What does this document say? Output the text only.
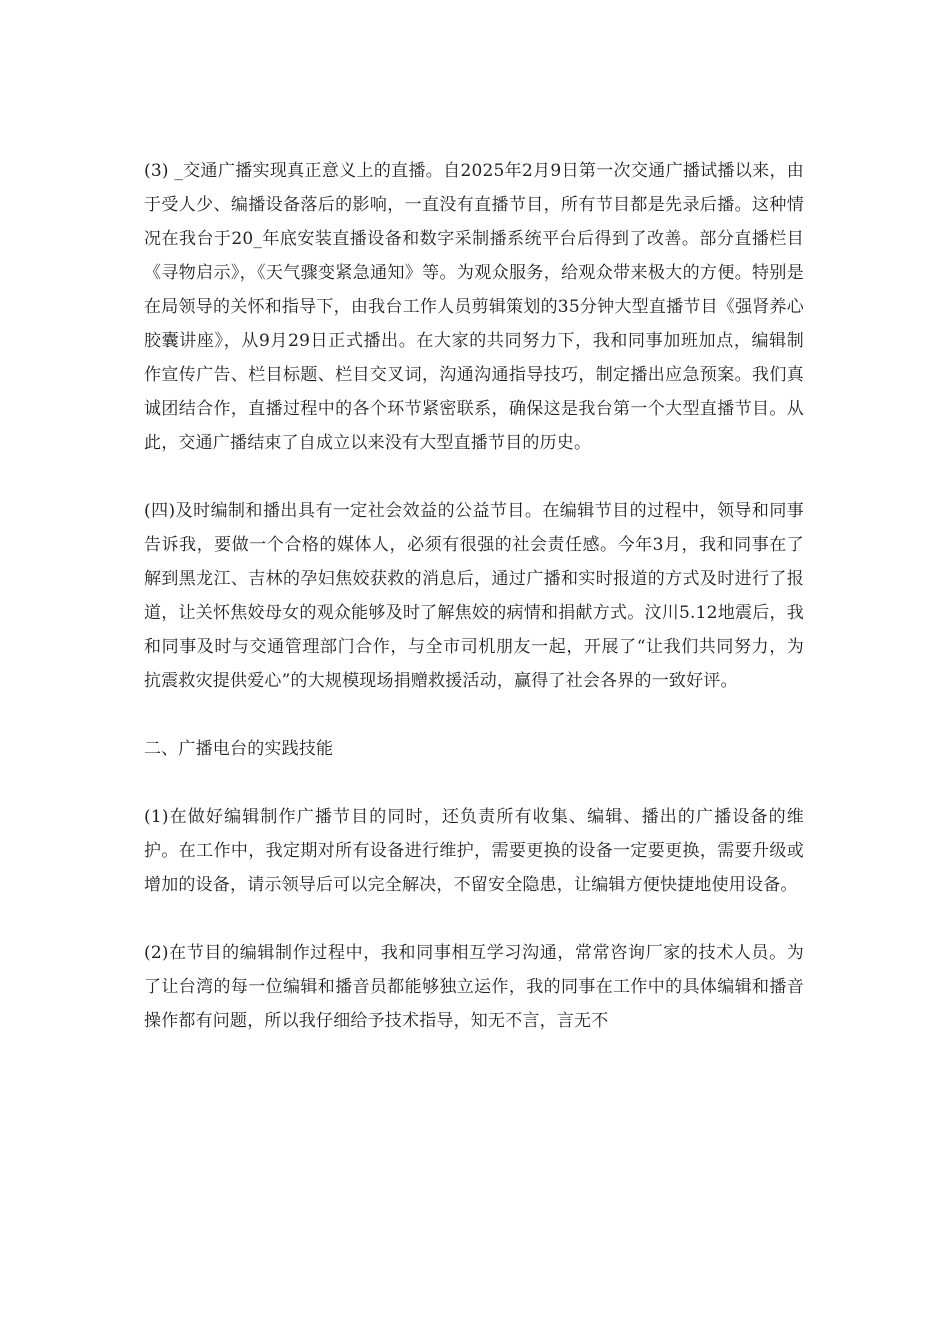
(3) _交通广播实现真正意义上的直播。自2025年2月9日第一次交通广播试播以来，由于受人少、编播设备落后的影响，一直没有直播节目，所有节目都是先录后播。这种情况在我台于20_年底安装直播设备和数字采制播系统平台后得到了改善。部分直播栏目《寻物启示》，《天气骤变紧急通知》等。为观众服务，给观众带来极大的方便。特别是在局领导的关怀和指导下，由我台工作人员剪辑策划的35分钟大型直播节目《强肾养心胶囊讲座》，从9月29日正式播出。在大家的共同努力下，我和同事加班加点，编辑制作宣传广告、栏目标题、栏目交叉词，沟通沟通指导技巧，制定播出应急预案。我们真诚团结合作，直播过程中的各个环节紧密联系，确保这是我台第一个大型直播节目。从此，交通广播结束了自成立以来没有大型直播节目的历史。

(四)及时编制和播出具有一定社会效益的公益节目。在编辑节目的过程中，领导和同事告诉我，要做一个合格的媒体人，必须有很强的社会责任感。今年3月，我和同事在了解到黑龙江、吉林的孕妇焦姣获救的消息后，通过广播和实时报道的方式及时进行了报道，让关怀焦姣母女的观众能够及时了解焦姣的病情和捐献方式。汶川5.12地震后，我和同事及时与交通管理部门合作，与全市司机朋友一起，开展了“让我们共同努力，为抗震救灾提供爱心”的大规模现场捐赠救援活动，赢得了社会各界的一致好评。

二、广播电台的实践技能

(1)在做好编辑制作广播节目的同时，还负责所有收集、编辑、播出的广播设备的维护。在工作中，我定期对所有设备进行维护，需要更换的设备一定要更换，需要升级或增加的设备，请示领导后可以完全解决，不留安全隐患，让编辑方便快捷地使用设备。

(2)在节目的编辑制作过程中，我和同事相互学习沟通，常常咨询厂家的技术人员。为了让台湾的每一位编辑和播音员都能够独立运作，我的同事在工作中的具体编辑和播音操作都有问题，所以我仔细给予技术指导，知无不言，言无不
